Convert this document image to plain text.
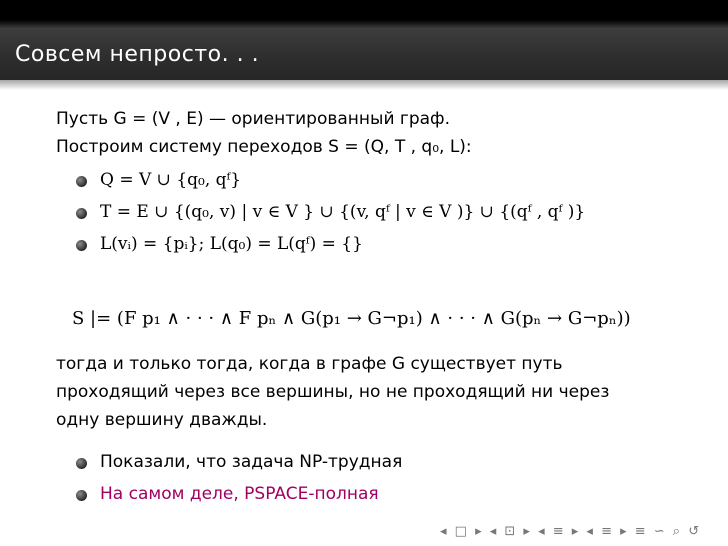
Совсем непросто. . .
Пусть G = (V , E) — ориентированный граф.
Построим систему переходов S = (Q, T , q₀, L):
Q = V ∪ {q₀, qᶠ}
T = E ∪ {(q₀, v) | v ∈ V } ∪ {(v, qᶠ | v ∈ V )} ∪ {(qᶠ , qᶠ )}
L(vᵢ) = {pᵢ}; L(q₀) = L(qᶠ) = {}
S |= (F p₁ ∧ · · · ∧ F pₙ ∧ G(p₁ → G¬p₁) ∧ · · · ∧ G(pₙ → G¬pₙ))
тогда и только тогда, когда в графе G существует путь
проходящий через все вершины, но не проходящий ни через
одну вершину дважды.
Показали, что задача NP-трудная
На самом деле, PSPACE-полная
◂ □ ▸ ◂ ⊡ ▸ ◂ ≡ ▸ ◂ ≡ ▸ ≡ ∽ ⌕ ↺
